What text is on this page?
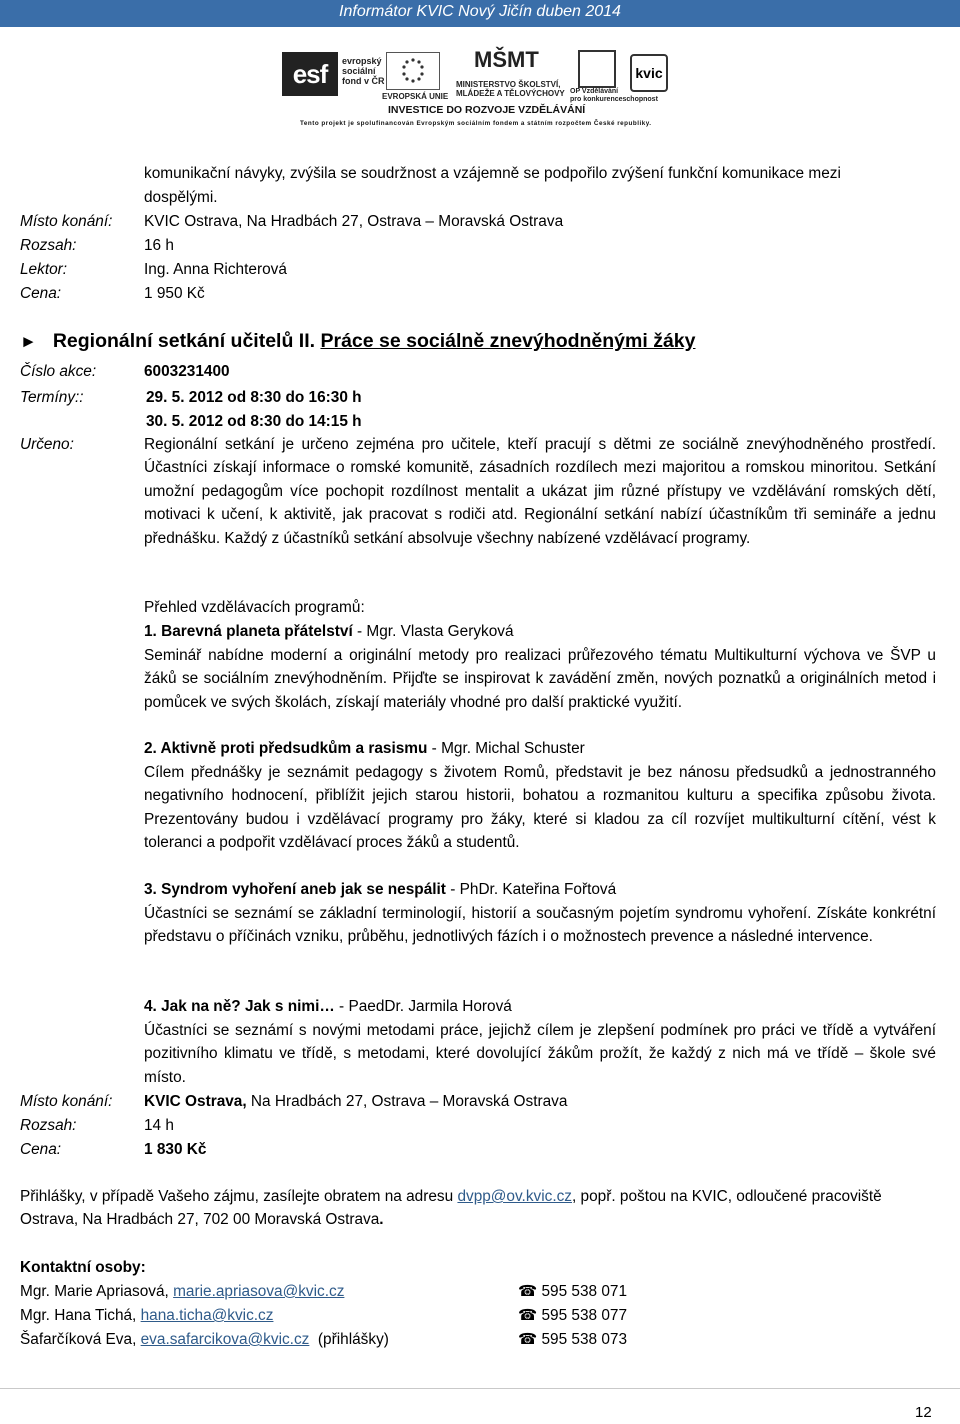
Informátor KVIC Nový Jičín duben 2014
esf	evropský
sociální
fond v ČR
EVROPSKÁ UNIE
MŠMT
MINISTERSTVO ŠKOLSTVÍ,
MLÁDEŽE A TĚLOVÝCHOVY OP Vzdělávání
pro konkurenceschopnost
kvic
INVESTICE DO ROZVOJE VZDĚLÁVÁNÍ
Tento projekt je spolufinancován Evropským sociálním fondem a státním rozpočtem České republiky.
komunikační návyky, zvýšila se soudržnost a vzájemně se podpořilo zvýšení funkční komunikace mezi
dospělými.
Místo konání: KVIC Ostrava, Na Hradbách 27, Ostrava – Moravská Ostrava
Rozsah:	16 h
Lektor:	Ing. Anna Richterová
Cena:	1 950 Kč
► Regionální setkání učitelů II. Práce se sociálně znevýhodněnými žáky
Číslo akce:	6003231400
Termíny::	29. 5. 2012 od 8:30 do 16:30 h
30. 5. 2012 od 8:30 do 14:15 h
Určeno:	Regionální setkání je určeno zejména pro učitele, kteří pracují s dětmi ze sociálně znevýhodněného prostředí. Účastníci získají informace o romské komunitě, zásadních rozdílech mezi majoritou a romskou minoritou. Setkání umožní pedagogům více pochopit rozdílnost mentalit a ukázat jim různé přístupy ve vzdělávání romských dětí, motivaci k učení, k aktivitě, jak pracovat s rodiči atd. Regionální setkání nabízí účastníkům tři semináře a jednu přednášku. Každý z účastníků setkání absolvuje všechny nabízené vzdělávací programy.
Přehled vzdělávacích programů:
1. Barevná planeta přátelství - Mgr. Vlasta Geryková
Seminář nabídne moderní a originální metody pro realizaci průřezového tématu Multikulturní výchova ve ŠVP u žáků se sociálním znevýhodněním. Přijďte se inspirovat k zavádění změn, nových poznatků a originálních metod i pomůcek ve svých školách, získají materiály vhodné pro další praktické využití.
2. Aktivně proti předsudkům a rasismu - Mgr. Michal Schuster
Cílem přednášky je seznámit pedagogy s životem Romů, představit je bez nánosu předsudků a jednostranného negativního hodnocení, přiblížit jejich starou historii, bohatou a rozmanitou kulturu a specifika způsobu života. Prezentovány budou i vzdělávací programy pro žáky, které si kladou za cíl rozvíjet multikulturní cítění, vést k toleranci a podpořit vzdělávací proces žáků a studentů.
3. Syndrom vyhoření aneb jak se nespálit - PhDr. Kateřina Fořtová
Účastníci se seznámí se základní terminologií, historií a současným pojetím syndromu vyhoření. Získáte konkrétní představu o příčinách vzniku, průběhu, jednotlivých fázích i o možnostech prevence a následné intervence.
4. Jak na ně? Jak s nimi… - PaedDr. Jarmila Horová
Účastníci se seznámí s novými metodami práce, jejichž cílem je zlepšení podmínek pro práci ve třídě a vytváření pozitivního klimatu ve třídě, s metodami, které dovolující žákům prožít, že každý z nich má ve třídě – škole své místo.
Místo konání: KVIC Ostrava, Na Hradbách 27, Ostrava – Moravská Ostrava
Rozsah:	14 h
Cena:	1 830 Kč
Přihlášky, v případě Vašeho zájmu, zasílejte obratem na adresu dvpp@ov.kvic.cz, popř. poštou na KVIC, odloučené pracoviště Ostrava, Na Hradbách 27, 702 00 Moravská Ostrava.
Kontaktní osoby:
Mgr. Marie Apriasová, marie.apriasova@kvic.cz	☎ 595 538 071
Mgr. Hana Tichá, hana.ticha@kvic.cz	☎ 595 538 077
Šafarčíková Eva, eva.safarcikova@kvic.cz  (přihlášky)	☎ 595 538 073
12
